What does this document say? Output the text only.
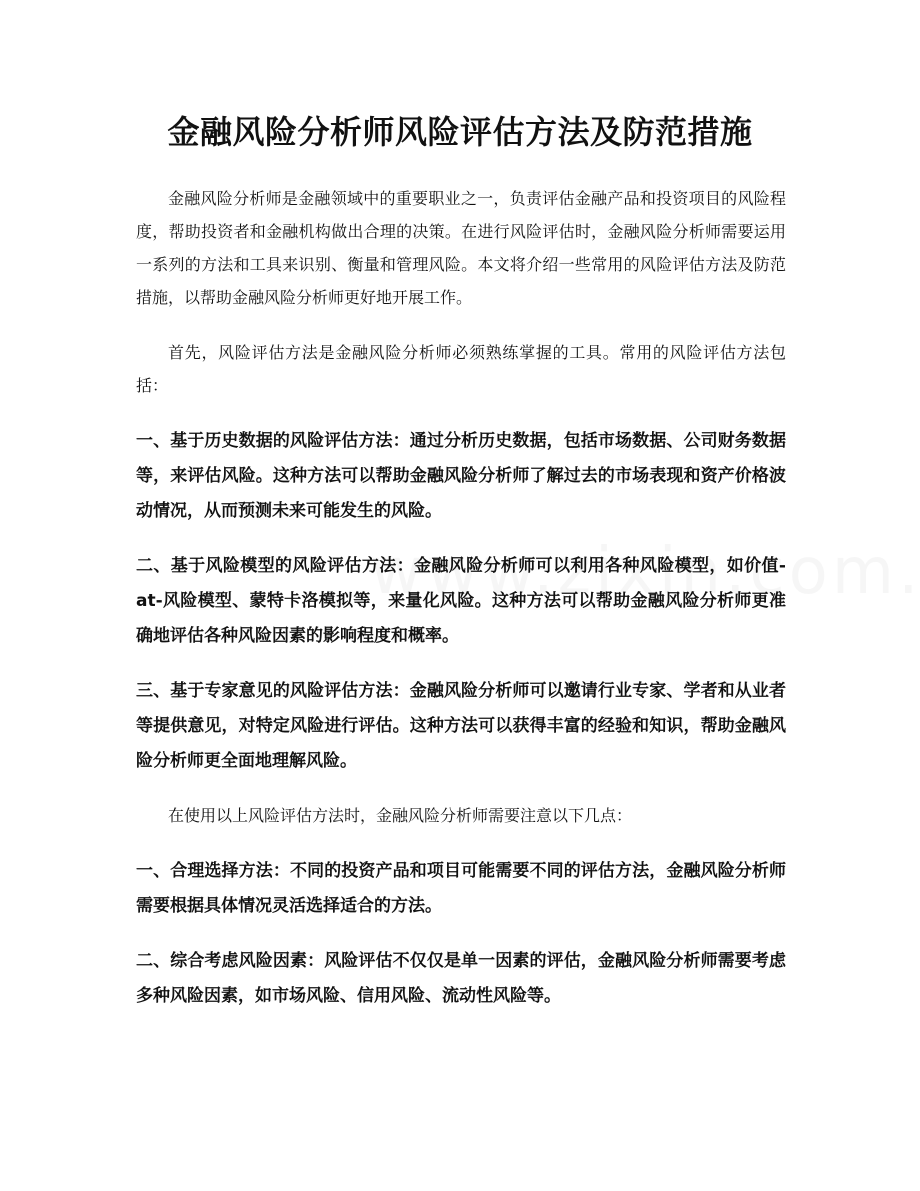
金融风险分析师风险评估方法及防范措施

金融风险分析师是金融领域中的重要职业之一，负责评估金融产品和投资项目的风险程度，帮助投资者和金融机构做出合理的决策。在进行风险评估时，金融风险分析师需要运用一系列的方法和工具来识别、衡量和管理风险。本文将介绍一些常用的风险评估方法及防范措施，以帮助金融风险分析师更好地开展工作。

首先，风险评估方法是金融风险分析师必须熟练掌握的工具。常用的风险评估方法包括：

一、基于历史数据的风险评估方法：通过分析历史数据，包括市场数据、公司财务数据等，来评估风险。这种方法可以帮助金融风险分析师了解过去的市场表现和资产价格波动情况，从而预测未来可能发生的风险。

二、基于风险模型的风险评估方法：金融风险分析师可以利用各种风险模型，如价值-at-风险模型、蒙特卡洛模拟等，来量化风险。这种方法可以帮助金融风险分析师更准确地评估各种风险因素的影响程度和概率。

三、基于专家意见的风险评估方法：金融风险分析师可以邀请行业专家、学者和从业者等提供意见，对特定风险进行评估。这种方法可以获得丰富的经验和知识，帮助金融风险分析师更全面地理解风险。

在使用以上风险评估方法时，金融风险分析师需要注意以下几点：

一、合理选择方法：不同的投资产品和项目可能需要不同的评估方法，金融风险分析师需要根据具体情况灵活选择适合的方法。

二、综合考虑风险因素：风险评估不仅仅是单一因素的评估，金融风险分析师需要考虑多种风险因素，如市场风险、信用风险、流动性风险等。
